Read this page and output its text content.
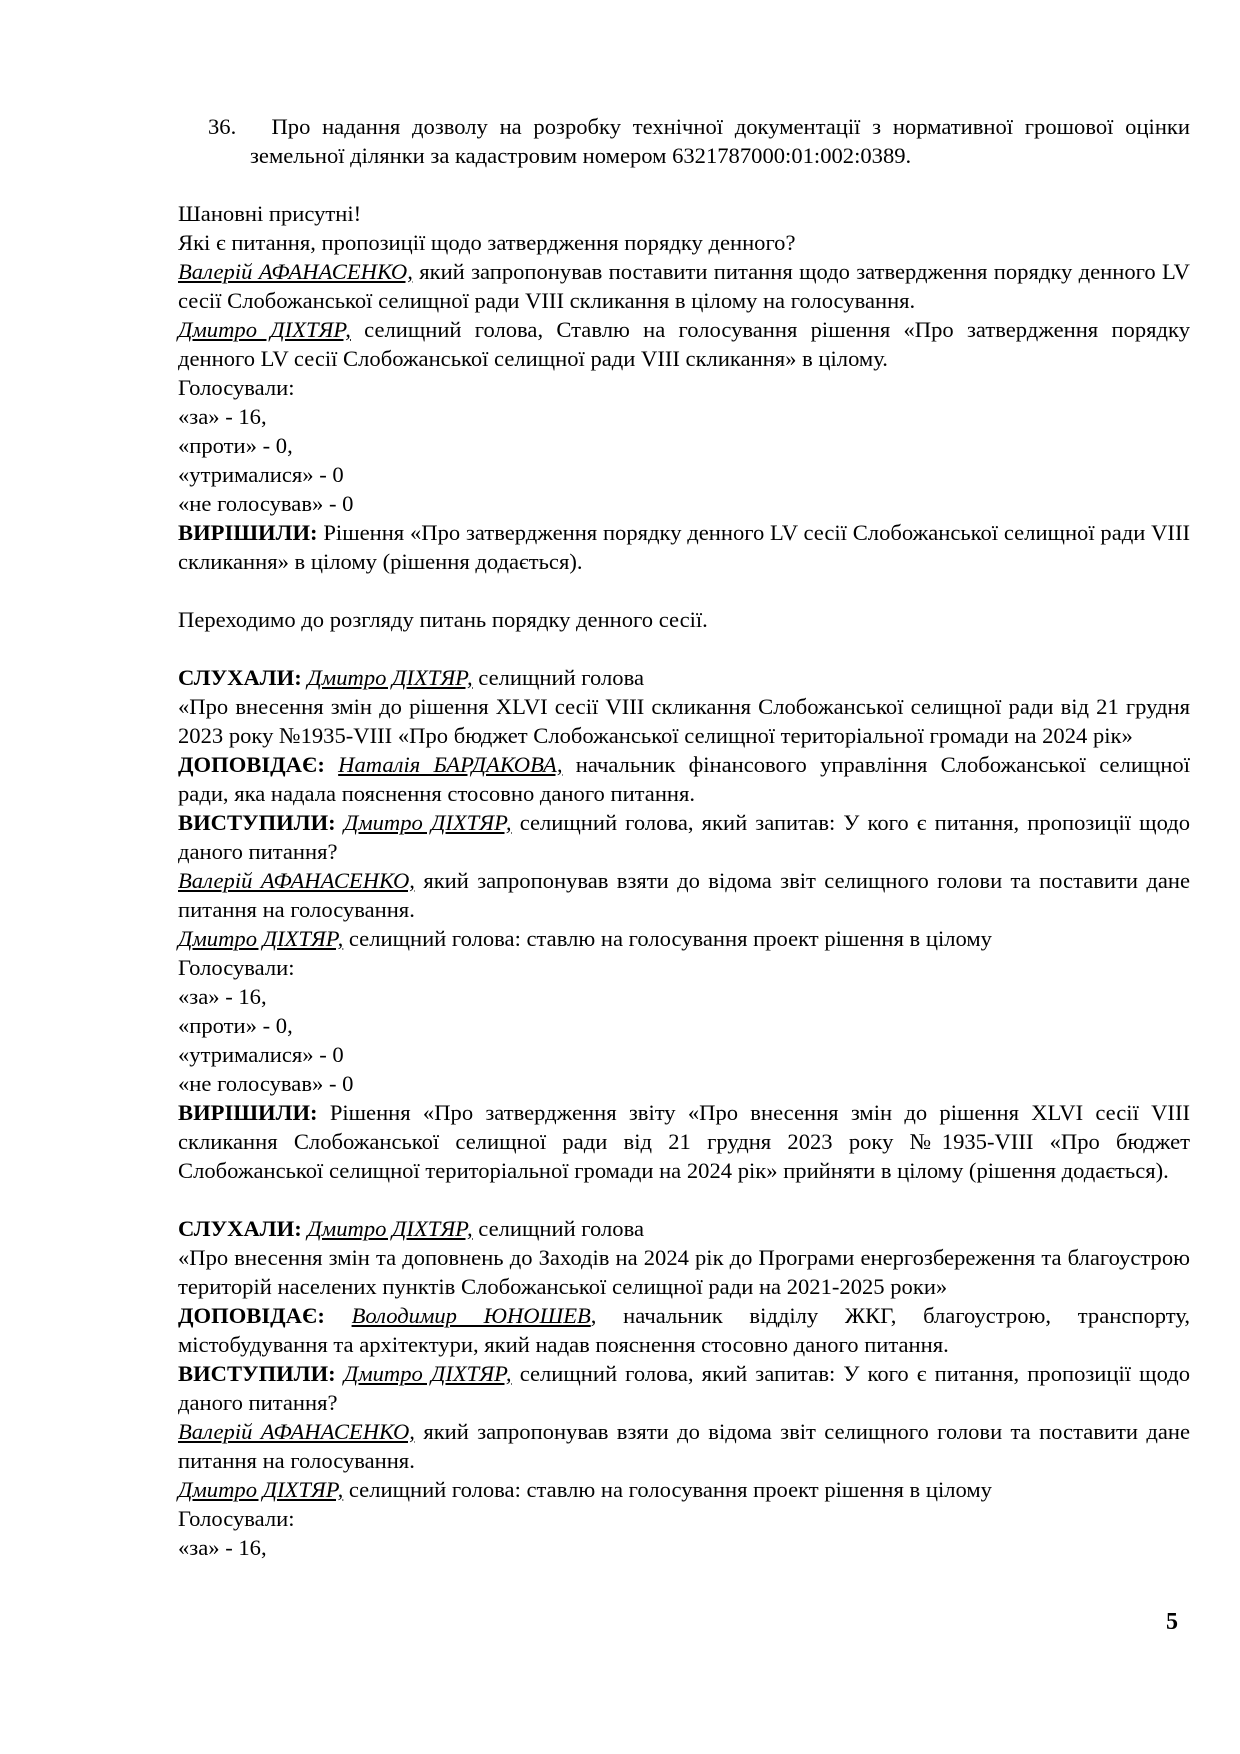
36. Про надання дозволу на розробку технічної документації з нормативної грошової оцінки земельної ділянки за кадастровим номером 6321787000:01:002:0389.

Шановні присутні!

Які є питання, пропозиції щодо затвердження порядку денного?

Валерій АФАНАСЕНКО, який запропонував поставити питання щодо затвердження порядку денного LV сесії Слобожанської селищної ради VIII скликання в цілому на голосування.

Дмитро ДІХТЯР, селищний голова, Ставлю на голосування рішення «Про затвердження порядку денного LV сесії Слобожанської селищної ради VIII скликання» в цілому.

Голосували:

«за» - 16,

«проти» - 0,

«утрималися» - 0

«не голосував» - 0

ВИРІШИЛИ: Рішення «Про затвердження порядку денного LV сесії Слобожанської селищної ради VIII скликання» в цілому (рішення додається).

Переходимо до розгляду питань порядку денного сесії.

СЛУХАЛИ: Дмитро ДІХТЯР, селищний голова

«Про внесення змін до рішення XLVI сесії VIII скликання Слобожанської селищної ради від 21 грудня 2023 року №1935-VIII «Про бюджет Слобожанської селищної територіальної громади на 2024 рік»

ДОПОВІДАЄ: Наталія БАРДАКОВА, начальник фінансового управління Слобожанської селищної ради, яка надала пояснення стосовно даного питання.

ВИСТУПИЛИ: Дмитро ДІХТЯР, селищний голова, який запитав: У кого є питання, пропозиції щодо даного питання?

Валерій АФАНАСЕНКО, який запропонував взяти до відома звіт селищного голови та поставити дане питання на голосування.

Дмитро ДІХТЯР, селищний голова: ставлю на голосування проект рішення в цілому

Голосували:

«за» - 16,

«проти» - 0,

«утрималися» - 0

«не голосував» - 0

ВИРІШИЛИ: Рішення «Про затвердження звіту «Про внесення змін до рішення XLVI сесії VIII скликання Слобожанської селищної ради від 21 грудня 2023 року №1935-VIII «Про бюджет Слобожанської селищної територіальної громади на 2024 рік» прийняти в цілому (рішення додається).

СЛУХАЛИ: Дмитро ДІХТЯР, селищний голова

«Про внесення змін та доповнень до Заходів на 2024 рік до Програми енергозбереження та благоустрою територій населених пунктів Слобожанської селищної ради на 2021-2025 роки»

ДОПОВІДАЄ: Володимир ЮНОШЕВ, начальник відділу ЖКГ, благоустрою, транспорту, містобудування та архітектури, який надав пояснення стосовно даного питання.

ВИСТУПИЛИ: Дмитро ДІХТЯР, селищний голова, який запитав: У кого є питання, пропозиції щодо даного питання?

Валерій АФАНАСЕНКО, який запропонував взяти до відома звіт селищного голови та поставити дане питання на голосування.

Дмитро ДІХТЯР, селищний голова: ставлю на голосування проект рішення в цілому

Голосували:

«за» - 16,

5
